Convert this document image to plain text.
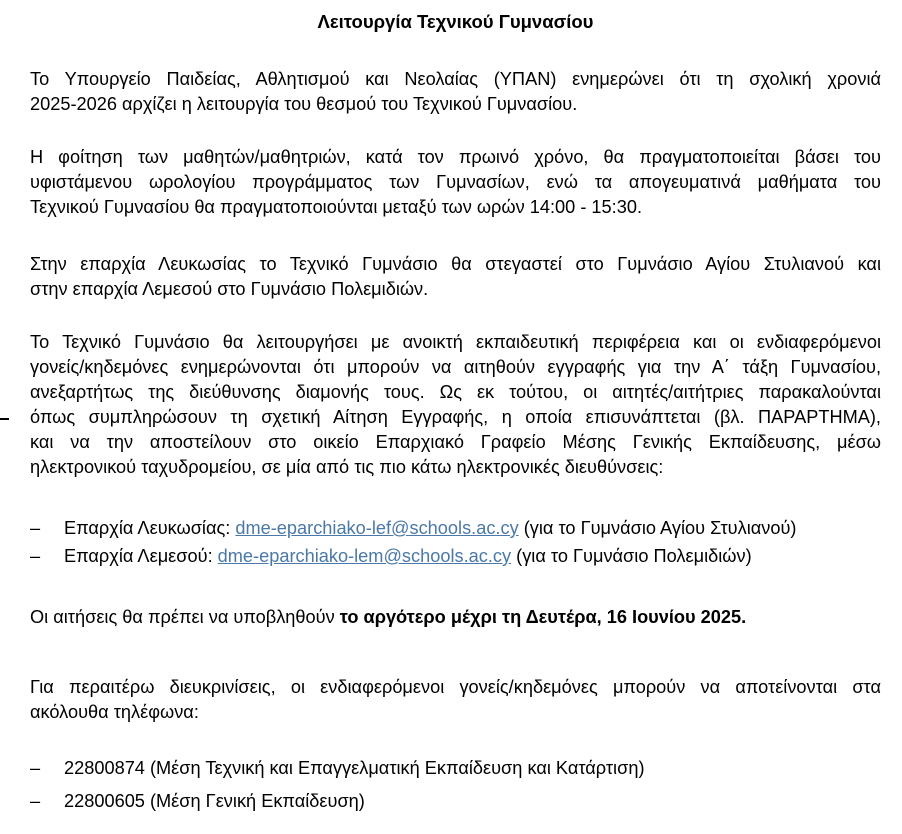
Λειτουργία Τεχνικού Γυμνασίου
Το Υπουργείο Παιδείας, Αθλητισμού και Νεολαίας (ΥΠΑΝ) ενημερώνει ότι τη σχολική χρονιά
2025-2026 αρχίζει η λειτουργία του θεσμού του Τεχνικού Γυμνασίου.
Η φοίτηση των μαθητών/μαθητριών, κατά τον πρωινό χρόνο, θα πραγματοποιείται βάσει του
υφιστάμενου ωρολογίου προγράμματος των Γυμνασίων, ενώ τα απογευματινά μαθήματα του
Τεχνικού Γυμνασίου θα πραγματοποιούνται μεταξύ των ωρών 14:00 - 15:30.
Στην επαρχία Λευκωσίας το Τεχνικό Γυμνάσιο θα στεγαστεί στο Γυμνάσιο Αγίου Στυλιανού και
στην επαρχία Λεμεσού στο Γυμνάσιο Πολεμιδιών.
Το Τεχνικό Γυμνάσιο θα λειτουργήσει με ανοικτή εκπαιδευτική περιφέρεια και οι ενδιαφερόμενοι
γονείς/κηδεμόνες ενημερώνονται ότι μπορούν να αιτηθούν εγγραφής για την Α΄ τάξη Γυμνασίου,
ανεξαρτήτως της διεύθυνσης διαμονής τους. Ως εκ τούτου, οι αιτητές/αιτήτριες παρακαλούνται
όπως συμπληρώσουν τη σχετική Αίτηση Εγγραφής, η οποία επισυνάπτεται (βλ. ΠΑΡΑΡΤΗΜΑ),
και να την αποστείλουν στο οικείο Επαρχιακό Γραφείο Μέσης Γενικής Εκπαίδευσης, μέσω
ηλεκτρονικού ταχυδρομείου, σε μία από τις πιο κάτω ηλεκτρονικές διευθύνσεις:
– Επαρχία Λευκωσίας: dme-eparchiako-lef@schools.ac.cy (για το Γυμνάσιο Αγίου Στυλιανού)
– Επαρχία Λεμεσού: dme-eparchiako-lem@schools.ac.cy (για το Γυμνάσιο Πολεμιδιών)
Οι αιτήσεις θα πρέπει να υποβληθούν το αργότερο μέχρι τη Δευτέρα, 16 Ιουνίου 2025.
Για περαιτέρω διευκρινίσεις, οι ενδιαφερόμενοι γονείς/κηδεμόνες μπορούν να αποτείνονται στα
ακόλουθα τηλέφωνα:
– 22800874 (Μέση Τεχνική και Επαγγελματική Εκπαίδευση και Κατάρτιση)
– 22800605 (Μέση Γενική Εκπαίδευση)
